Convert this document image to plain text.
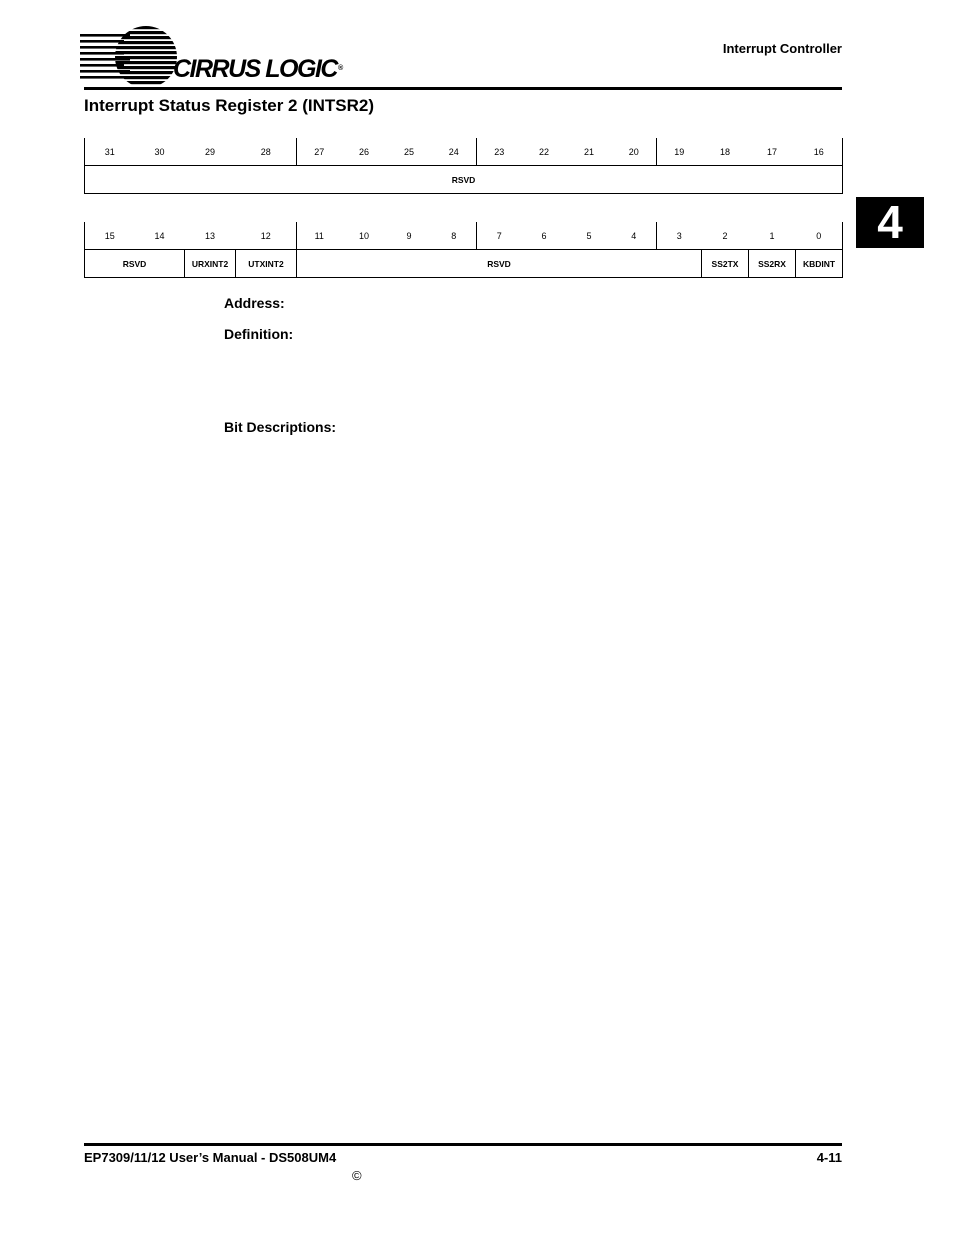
CIRRUS LOGIC®
Interrupt Controller
Interrupt Status Register 2 (INTSR2)
4
31	30	29	28	27	26	25	24	23	22	21	20	19	18	17	16
RSVD
15	14	13	12	11	10	9	8	7	6	5	4	3	2	1	0
RSVD		URXINT2	UTXINT2	RSVD									SS2TX	SS2RX	KBDINT
Address:
Definition:
Bit Descriptions:
EP7309/11/12 User’s Manual - DS508UM4	4-11
©
